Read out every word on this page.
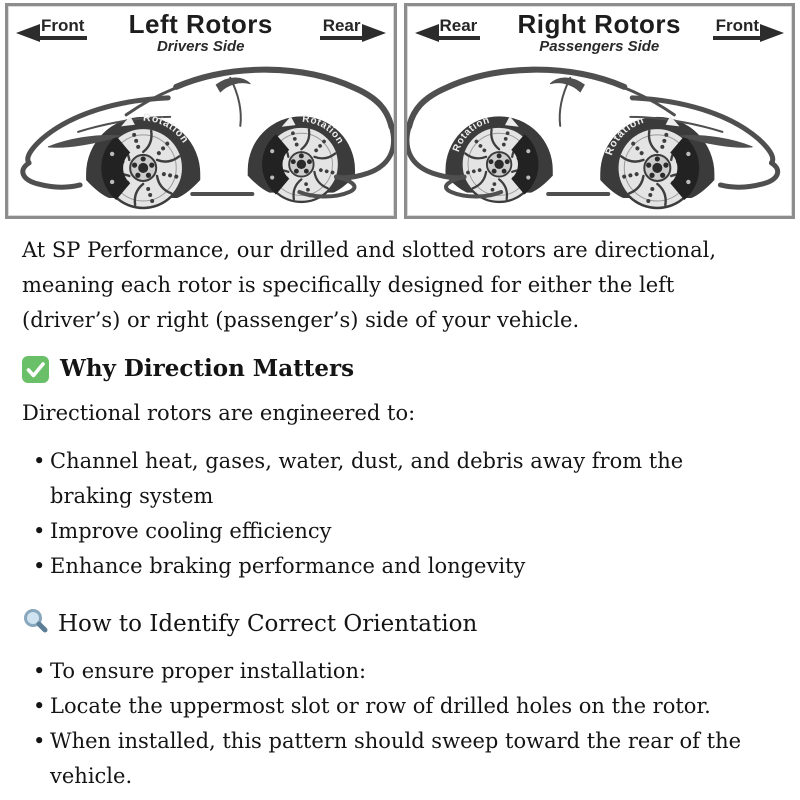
Rotation
Rotation
Front	Left Rotors
Drivers Side
Rear
Rotation
Rotation
Rear	Right Rotors
Passengers Side
Front

At SP Performance, our drilled and slotted rotors are directional, meaning each rotor is specifically designed for either the left (driver’s) or right (passenger’s) side of your vehicle.

Why Direction Matters

Directional rotors are engineered to:

• Channel heat, gases, water, dust, and debris away from the braking system
• Improve cooling efficiency
• Enhance braking performance and longevity
How to Identify Correct Orientation
• To ensure proper installation:
• Locate the uppermost slot or row of drilled holes on the rotor.
• When installed, this pattern should sweep toward the rear of the vehicle.
